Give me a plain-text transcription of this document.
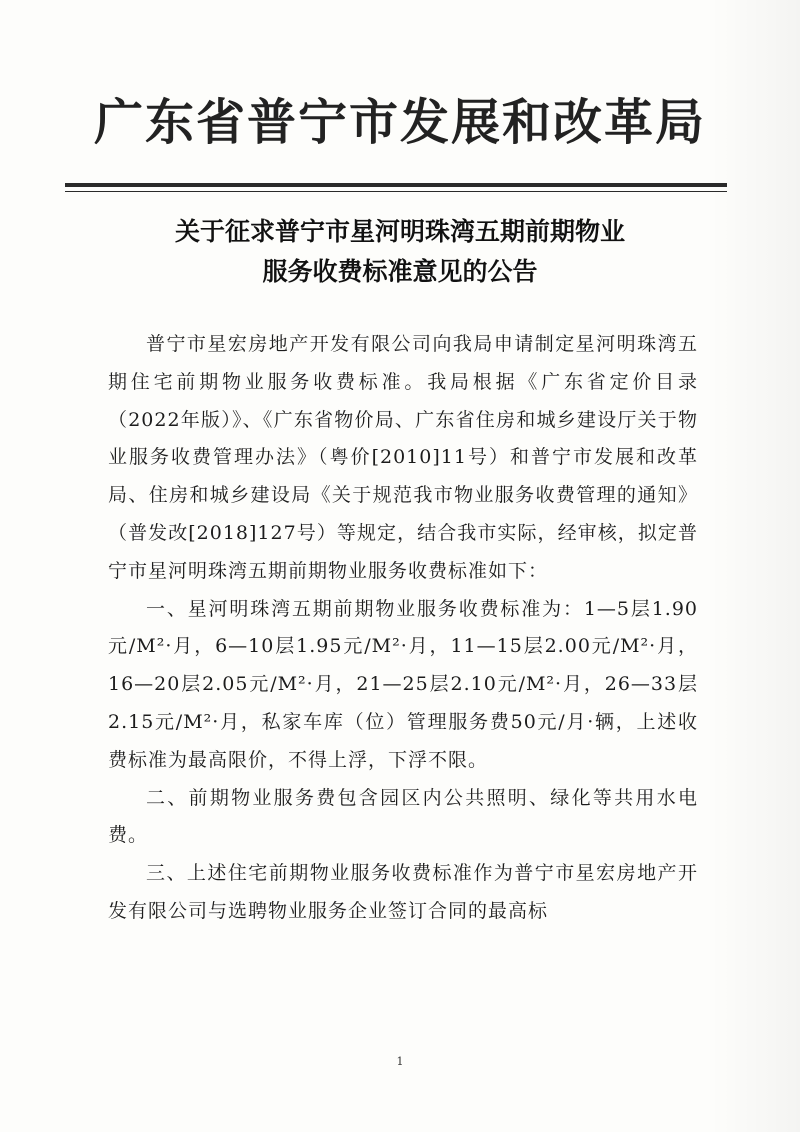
广东省普宁市发展和改革局
关于征求普宁市星河明珠湾五期前期物业
服务收费标准意见的公告

普宁市星宏房地产开发有限公司向我局申请制定星河明珠湾五期住宅前期物业服务收费标准。我局根据《广东省定价目录（2022年版）》、《广东省物价局、广东省住房和城乡建设厅关于物业服务收费管理办法》（粤价[2010]11号）和普宁市发展和改革局、住房和城乡建设局《关于规范我市物业服务收费管理的通知》（普发改[2018]127号）等规定，结合我市实际，经审核，拟定普宁市星河明珠湾五期前期物业服务收费标准如下：

一、星河明珠湾五期前期物业服务收费标准为：1—5层1.90元/M²·月，6—10层1.95元/M²·月，11—15层2.00元/M²·月，16—20层2.05元/M²·月，21—25层2.10元/M²·月，26—33层2.15元/M²·月，私家车库（位）管理服务费50元/月·辆，上述收费标准为最高限价，不得上浮，下浮不限。

二、前期物业服务费包含园区内公共照明、绿化等共用水电费。

三、上述住宅前期物业服务收费标准作为普宁市星宏房地产开发有限公司与选聘物业服务企业签订合同的最高标

1
